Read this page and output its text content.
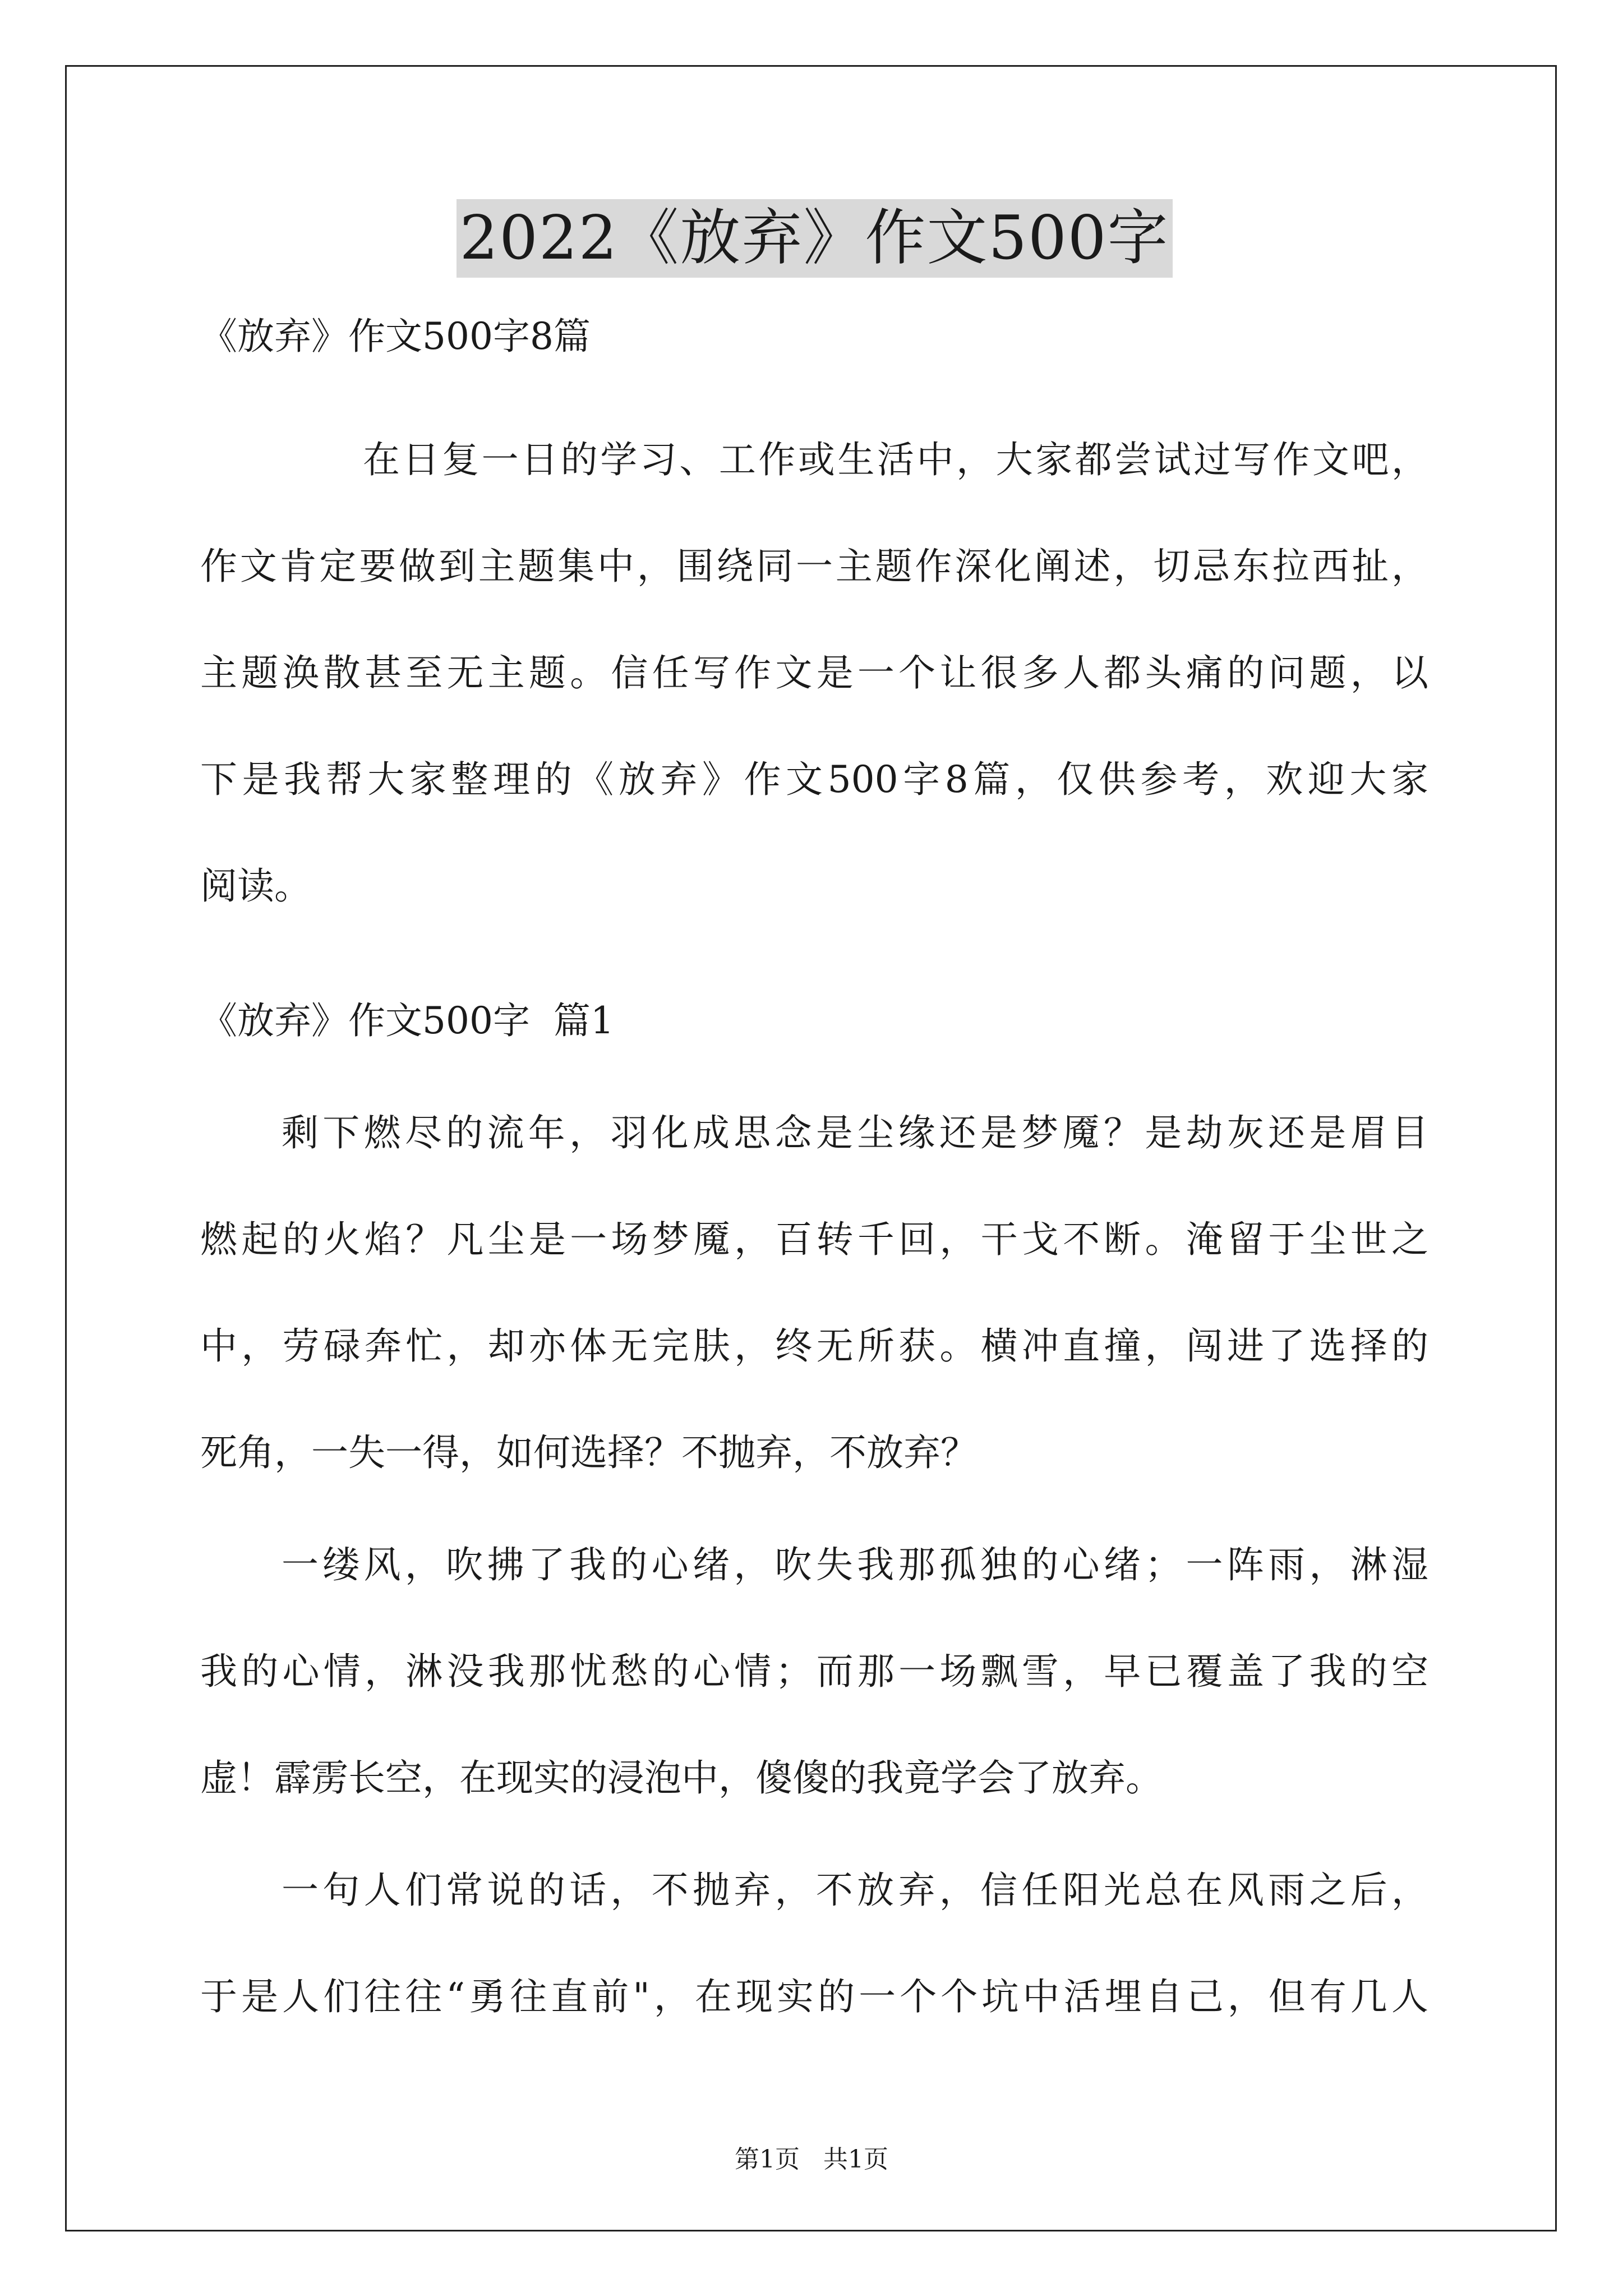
2022《放弃》作文500字
《放弃》作文500字8篇
在日复一日的学习、工作或生活中，大家都尝试过写作文吧，
作文肯定要做到主题集中，围绕同一主题作深化阐述，切忌东拉西扯，
主题涣散甚至无主题。信任写作文是一个让很多人都头痛的问题，以
下是我帮大家整理的《放弃》作文500字8篇，仅供参考，欢迎大家
阅读。
《放弃》作文500字  篇1
剩下燃尽的流年，羽化成思念是尘缘还是梦魇？是劫灰还是眉目
燃起的火焰？凡尘是一场梦魇，百转千回，干戈不断。淹留于尘世之
中，劳碌奔忙，却亦体无完肤，终无所获。横冲直撞，闯进了选择的
死角，一失一得，如何选择？不抛弃，不放弃？
一缕风，吹拂了我的心绪，吹失我那孤独的心绪；一阵雨，淋湿
我的心情，淋没我那忧愁的心情；而那一场飘雪，早已覆盖了我的空
虚！霹雳长空，在现实的浸泡中，傻傻的我竟学会了放弃。
一句人们常说的话，不抛弃，不放弃，信任阳光总在风雨之后，
于是人们往往“勇往直前"，在现实的一个个坑中活埋自己，但有几人
第1页   共1页
